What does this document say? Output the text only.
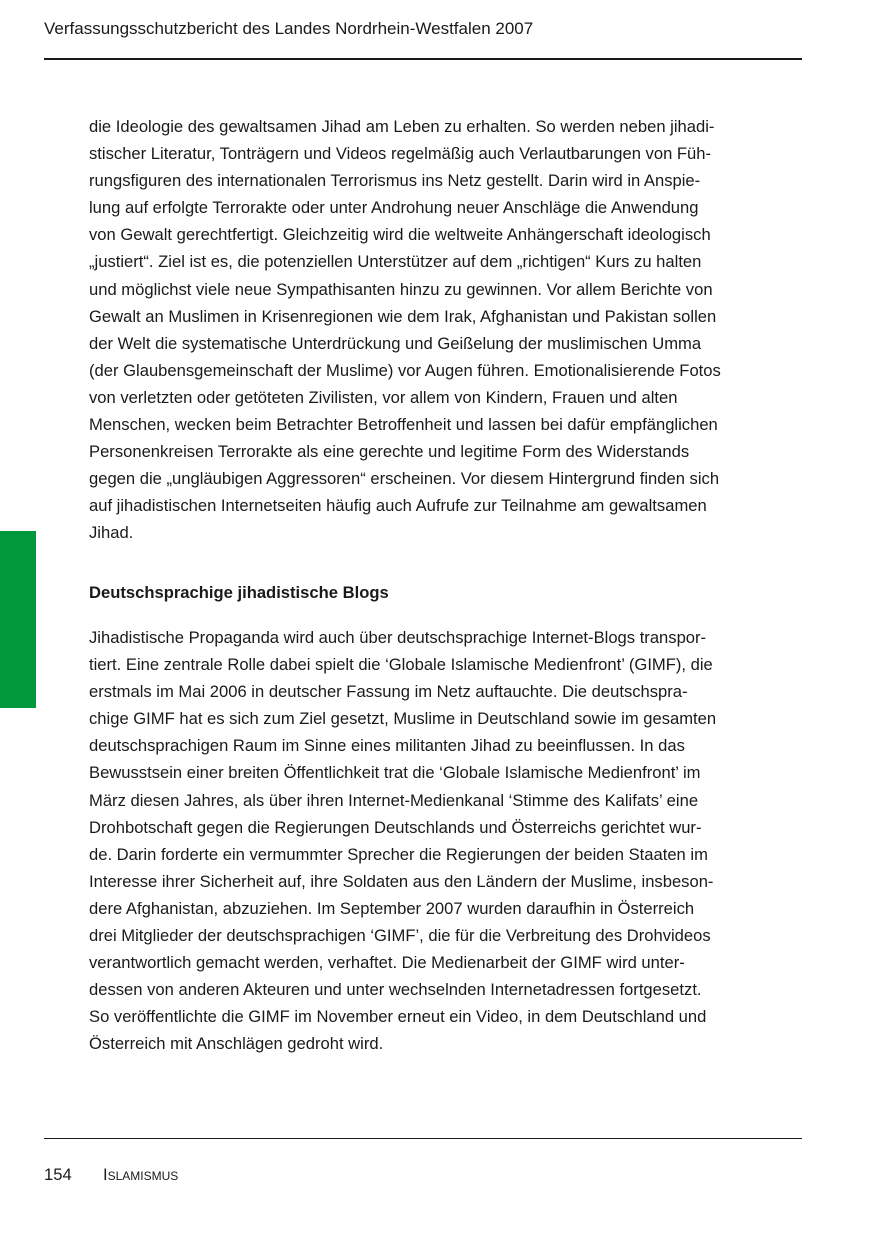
Verfassungsschutzbericht des Landes Nordrhein-Westfalen 2007

die Ideologie des gewaltsamen Jihad am Leben zu erhalten. So werden neben jihadi-
stischer Literatur, Tonträgern und Videos regelmäßig auch Verlautbarungen von Füh-
rungsfiguren des internationalen Terrorismus ins Netz gestellt. Darin wird in Anspie-
lung auf erfolgte Terrorakte oder unter Androhung neuer Anschläge die Anwendung
von Gewalt gerechtfertigt. Gleichzeitig wird die weltweite Anhängerschaft ideologisch
„justiert“. Ziel ist es, die potenziellen Unterstützer auf dem „richtigen“ Kurs zu halten
und möglichst viele neue Sympathisanten hinzu zu gewinnen. Vor allem Berichte von
Gewalt an Muslimen in Krisenregionen wie dem Irak, Afghanistan und Pakistan sollen
der Welt die systematische Unterdrückung und Geißelung der muslimischen Umma
(der Glaubensgemeinschaft der Muslime) vor Augen führen. Emotionalisierende Fotos
von verletzten oder getöteten Zivilisten, vor allem von Kindern, Frauen und alten
Menschen, wecken beim Betrachter Betroffenheit und lassen bei dafür empfänglichen
Personenkreisen Terrorakte als eine gerechte und legitime Form des Widerstands
gegen die „ungläubigen Aggressoren“ erscheinen. Vor diesem Hintergrund finden sich
auf jihadistischen Internetseiten häufig auch Aufrufe zur Teilnahme am gewaltsamen
Jihad.

Deutschsprachige jihadistische Blogs

Jihadistische Propaganda wird auch über deutschsprachige Internet-Blogs transpor-
tiert. Eine zentrale Rolle dabei spielt die ‘Globale Islamische Medienfront’ (GIMF), die
erstmals im Mai 2006 in deutscher Fassung im Netz auftauchte. Die deutschspra-
chige GIMF hat es sich zum Ziel gesetzt, Muslime in Deutschland sowie im gesamten
deutschsprachigen Raum im Sinne eines militanten Jihad zu beeinflussen. In das
Bewusstsein einer breiten Öffentlichkeit trat die ‘Globale Islamische Medienfront’ im
März diesen Jahres, als über ihren Internet-Medienkanal ‘Stimme des Kalifats’ eine
Drohbotschaft gegen die Regierungen Deutschlands und Österreichs gerichtet wur-
de. Darin forderte ein vermummter Sprecher die Regierungen der beiden Staaten im
Interesse ihrer Sicherheit auf, ihre Soldaten aus den Ländern der Muslime, insbeson-
dere Afghanistan, abzuziehen. Im September 2007 wurden daraufhin in Österreich
drei Mitglieder der deutschsprachigen ‘GIMF’, die für die Verbreitung des Drohvideos
verantwortlich gemacht werden, verhaftet. Die Medienarbeit der GIMF wird unter-
dessen von anderen Akteuren und unter wechselnden Internetadressen fortgesetzt.
So veröffentlichte die GIMF im November erneut ein Video, in dem Deutschland und
Österreich mit Anschlägen gedroht wird.

154 Islamismus
